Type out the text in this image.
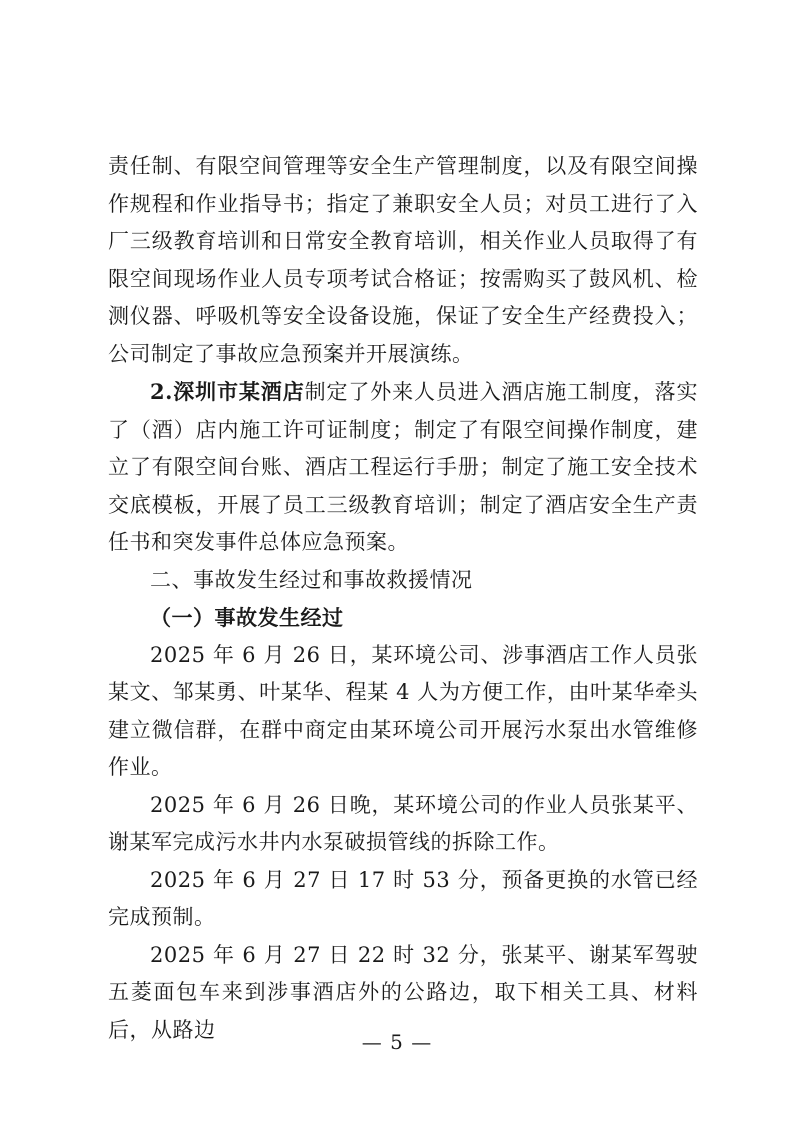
责任制、有限空间管理等安全生产管理制度，以及有限空间操作规程和作业指导书；指定了兼职安全人员；对员工进行了入厂三级教育培训和日常安全教育培训，相关作业人员取得了有限空间现场作业人员专项考试合格证；按需购买了鼓风机、检测仪器、呼吸机等安全设备设施，保证了安全生产经费投入；公司制定了事故应急预案并开展演练。

2.深圳市某酒店制定了外来人员进入酒店施工制度，落实了（酒）店内施工许可证制度；制定了有限空间操作制度，建立了有限空间台账、酒店工程运行手册；制定了施工安全技术交底模板，开展了员工三级教育培训；制定了酒店安全生产责任书和突发事件总体应急预案。

二、事故发生经过和事故救援情况

（一）事故发生经过

2025 年 6 月 26 日，某环境公司、涉事酒店工作人员张某文、邹某勇、叶某华、程某 4 人为方便工作，由叶某华牵头建立微信群，在群中商定由某环境公司开展污水泵出水管维修作业。

2025 年 6 月 26 日晚，某环境公司的作业人员张某平、谢某军完成污水井内水泵破损管线的拆除工作。

2025 年 6 月 27 日 17 时 53 分，预备更换的水管已经完成预制。

2025 年 6 月 27 日 22 时 32 分，张某平、谢某军驾驶五菱面包车来到涉事酒店外的公路边，取下相关工具、材料后，从路边

— 5 —
